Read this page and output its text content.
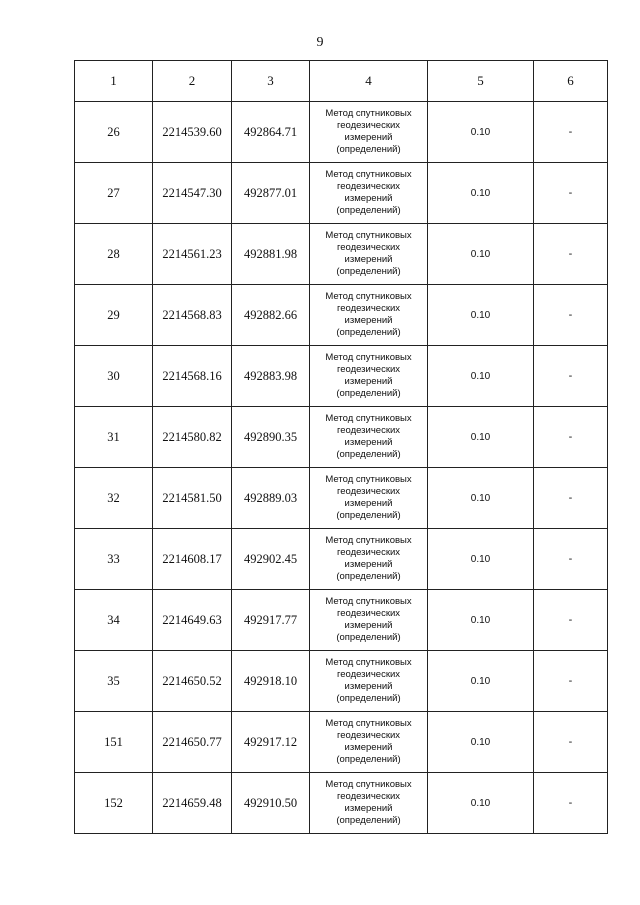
9
1	2	3	4	5	6
26	2214539.60	492864.71	Метод спутниковых
геодезических
измерений
(определений)	0.10	-
27	2214547.30	492877.01	Метод спутниковых
геодезических
измерений
(определений)	0.10	-
28	2214561.23	492881.98	Метод спутниковых
геодезических
измерений
(определений)	0.10	-
29	2214568.83	492882.66	Метод спутниковых
геодезических
измерений
(определений)	0.10	-
30	2214568.16	492883.98	Метод спутниковых
геодезических
измерений
(определений)	0.10	-
31	2214580.82	492890.35	Метод спутниковых
геодезических
измерений
(определений)	0.10	-
32	2214581.50	492889.03	Метод спутниковых
геодезических
измерений
(определений)	0.10	-
33	2214608.17	492902.45	Метод спутниковых
геодезических
измерений
(определений)	0.10	-
34	2214649.63	492917.77	Метод спутниковых
геодезических
измерений
(определений)	0.10	-
35	2214650.52	492918.10	Метод спутниковых
геодезических
измерений
(определений)	0.10	-
151	2214650.77	492917.12	Метод спутниковых
геодезических
измерений
(определений)	0.10	-
152	2214659.48	492910.50	Метод спутниковых
геодезических
измерений
(определений)	0.10	-
